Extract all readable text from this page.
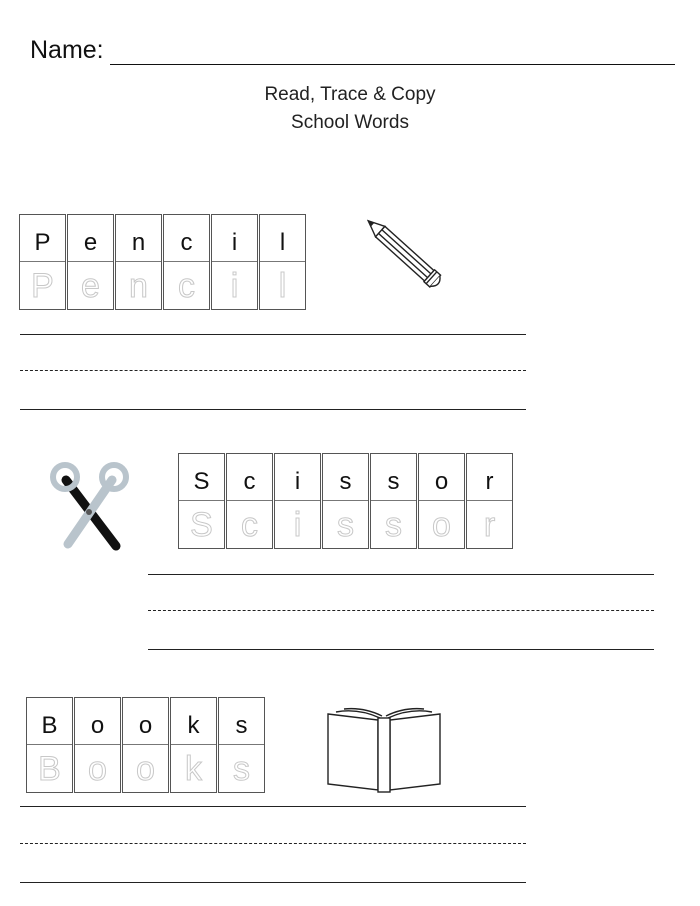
Name:
Read, Trace & Copy
School Words
P
P
e
e
n
n
c
c
i
i
l
l
S
S
c
c
i
i
s
s
s
s
o
o
r
r
B
B
o
o
o
o
k
k
s
s
